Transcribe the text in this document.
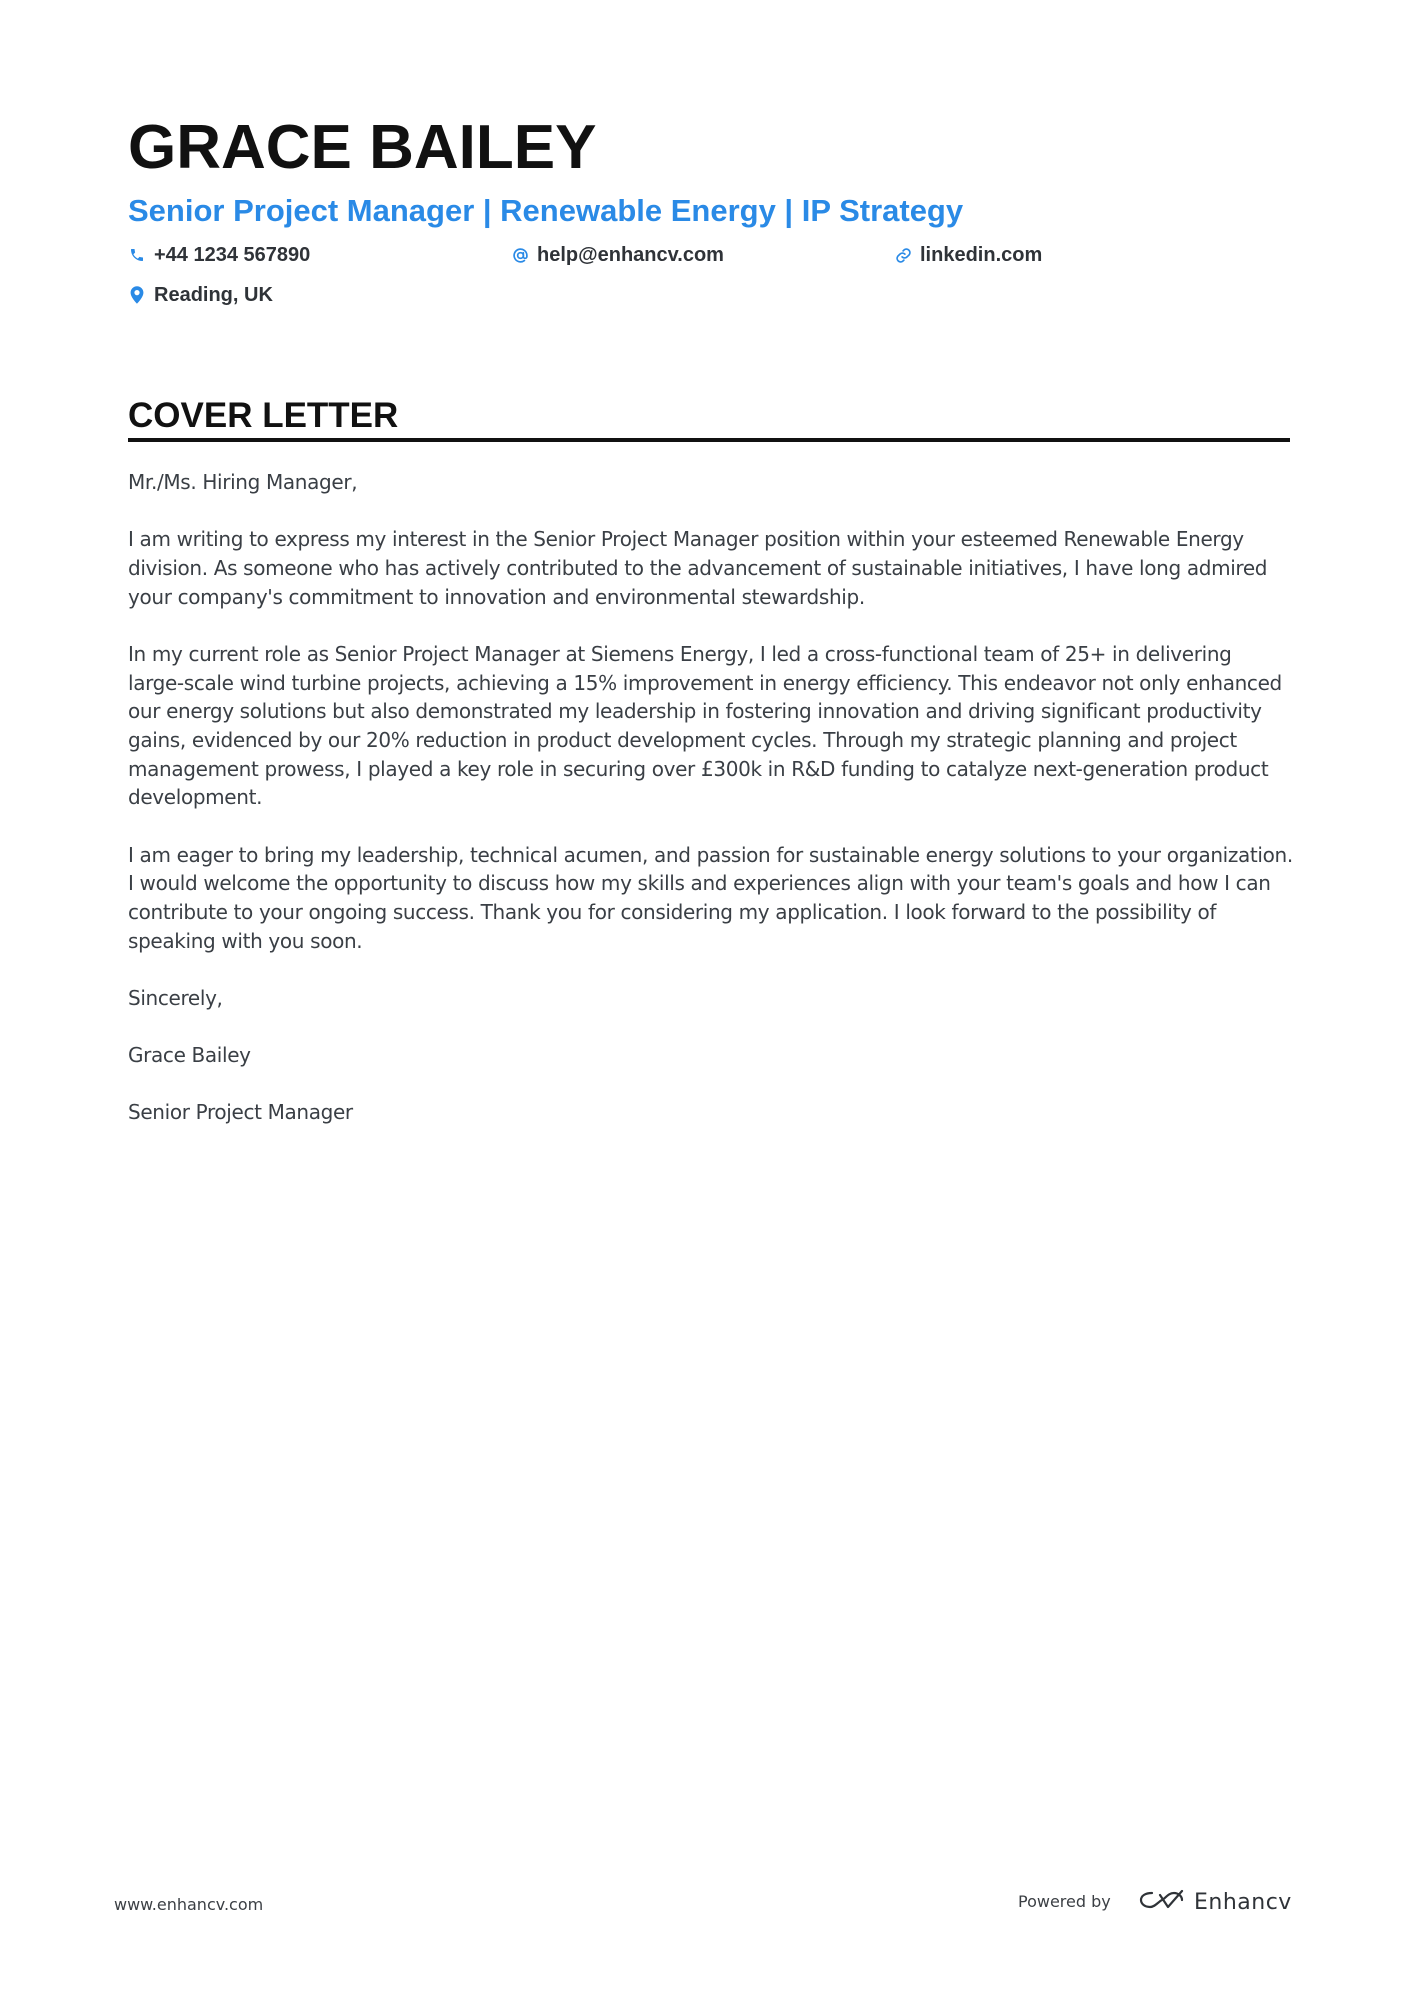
GRACE BAILEY
Senior Project Manager | Renewable Energy | IP Strategy
+44 1234 567890	help@enhancv.com	linkedin.com
Reading, UK
COVER LETTER

Mr./Ms. Hiring Manager,

I am writing to express my interest in the Senior Project Manager position within your esteemed Renewable Energy division. As someone who has actively contributed to the advancement of sustainable initiatives, I have long admired your company's commitment to innovation and environmental stewardship.

In my current role as Senior Project Manager at Siemens Energy, I led a cross-functional team of 25+ in delivering large-scale wind turbine projects, achieving a 15% improvement in energy efficiency. This endeavor not only enhanced our energy solutions but also demonstrated my leadership in fostering innovation and driving significant productivity gains, evidenced by our 20% reduction in product development cycles. Through my strategic planning and project management prowess, I played a key role in securing over £300k in R&D funding to catalyze next-generation product development.

I am eager to bring my leadership, technical acumen, and passion for sustainable energy solutions to your organization. I would welcome the opportunity to discuss how my skills and experiences align with your team's goals and how I can contribute to your ongoing success. Thank you for considering my application. I look forward to the possibility of speaking with you soon.

Sincerely,

Grace Bailey

Senior Project Manager

www.enhancv.com	Powered by	Enhancv
